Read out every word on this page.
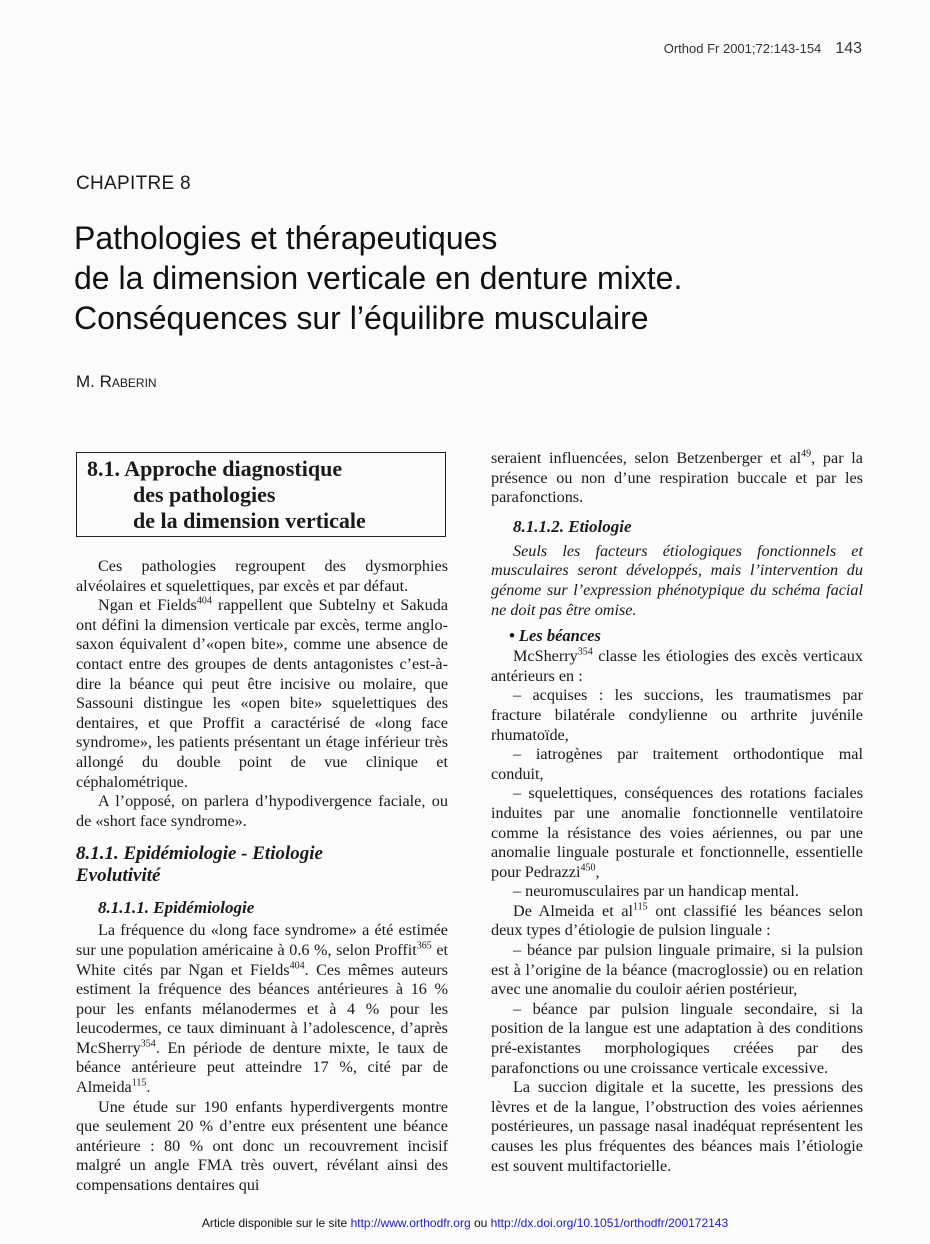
Orthod Fr 2001;72:143-154 143
CHAPITRE 8
Pathologies et thérapeutiques
de la dimension verticale en denture mixte.
Conséquences sur l’équilibre musculaire
M. Raberin
8.1. Approche diagnostique
des pathologies
de la dimension verticale

Ces pathologies regroupent des dysmorphies alvéolaires et squelettiques, par excès et par défaut.

Ngan et Fields$^{404}$ rappellent que Subtelny et Sakuda ont défini la dimension verticale par excès, terme anglo-saxon équivalent d’«open bite», comme une absence de contact entre des groupes de dents antagonistes c’est-à-dire la béance qui peut être incisive ou molaire, que Sassouni distingue les «open bite» squelettiques des dentaires, et que Proffit a caractérisé de «long face syndrome», les patients présentant un étage inférieur très allongé du double point de vue clinique et céphalométrique.

A l’opposé, on parlera d’hypodivergence faciale, ou de «short face syndrome».

8.1.1. Epidémiologie - Etiologie
Evolutivité
8.1.1.1. Epidémiologie

La fréquence du «long face syndrome» a été estimée sur une population américaine à 0.6 %, selon Proffit$^{365}$ et White cités par Ngan et Fields$^{404}$. Ces mêmes auteurs estiment la fréquence des béances antérieures à 16 % pour les enfants mélanodermes et à 4 % pour les leucodermes, ce taux diminuant à l’adolescence, d’après McSherry$^{354}$. En période de denture mixte, le taux de béance antérieure peut atteindre 17 %, cité par de Almeida$^{115}$.

Une étude sur 190 enfants hyperdivergents montre que seulement 20 % d’entre eux présentent une béance antérieure : 80 % ont donc un recouvrement incisif malgré un angle FMA très ouvert, révélant ainsi des compensations dentaires qui

seraient influencées, selon Betzenberger et $al^{49}$, par la présence ou non d’une respiration buccale et par les parafonctions.

8.1.1.2. Etiologie

Seuls les facteurs étiologiques fonctionnels et musculaires seront développés, mais l’intervention du génome sur l’expression phénotypique du schéma facial ne doit pas être omise.

• Les béances

McSherry$^{354}$ classe les étiologies des excès verticaux antérieurs en :

– acquises : les succions, les traumatismes par fracture bilatérale condylienne ou arthrite juvénile rhumatoïde,

– iatrogènes par traitement orthodontique mal conduit,

– squelettiques, conséquences des rotations faciales induites par une anomalie fonctionnelle ventilatoire comme la résistance des voies aériennes, ou par une anomalie linguale posturale et fonctionnelle, essentielle pour Pedrazzi$^{450}$,

– neuromusculaires par un handicap mental.

De Almeida et $al^{115}$ ont classifié les béances selon deux types d’étiologie de pulsion linguale :

– béance par pulsion linguale primaire, si la pulsion est à l’origine de la béance (macroglossie) ou en relation avec une anomalie du couloir aérien postérieur,

– béance par pulsion linguale secondaire, si la position de la langue est une adaptation à des conditions pré-existantes morphologiques créées par des parafonctions ou une croissance verticale excessive.

La succion digitale et la sucette, les pressions des lèvres et de la langue, l’obstruction des voies aériennes postérieures, un passage nasal inadéquat représentent les causes les plus fréquentes des béances mais l’étiologie est souvent multifactorielle.

Article disponible sur le site http://www.orthodfr.org ou http://dx.doi.org/10.1051/orthodfr/200172143
